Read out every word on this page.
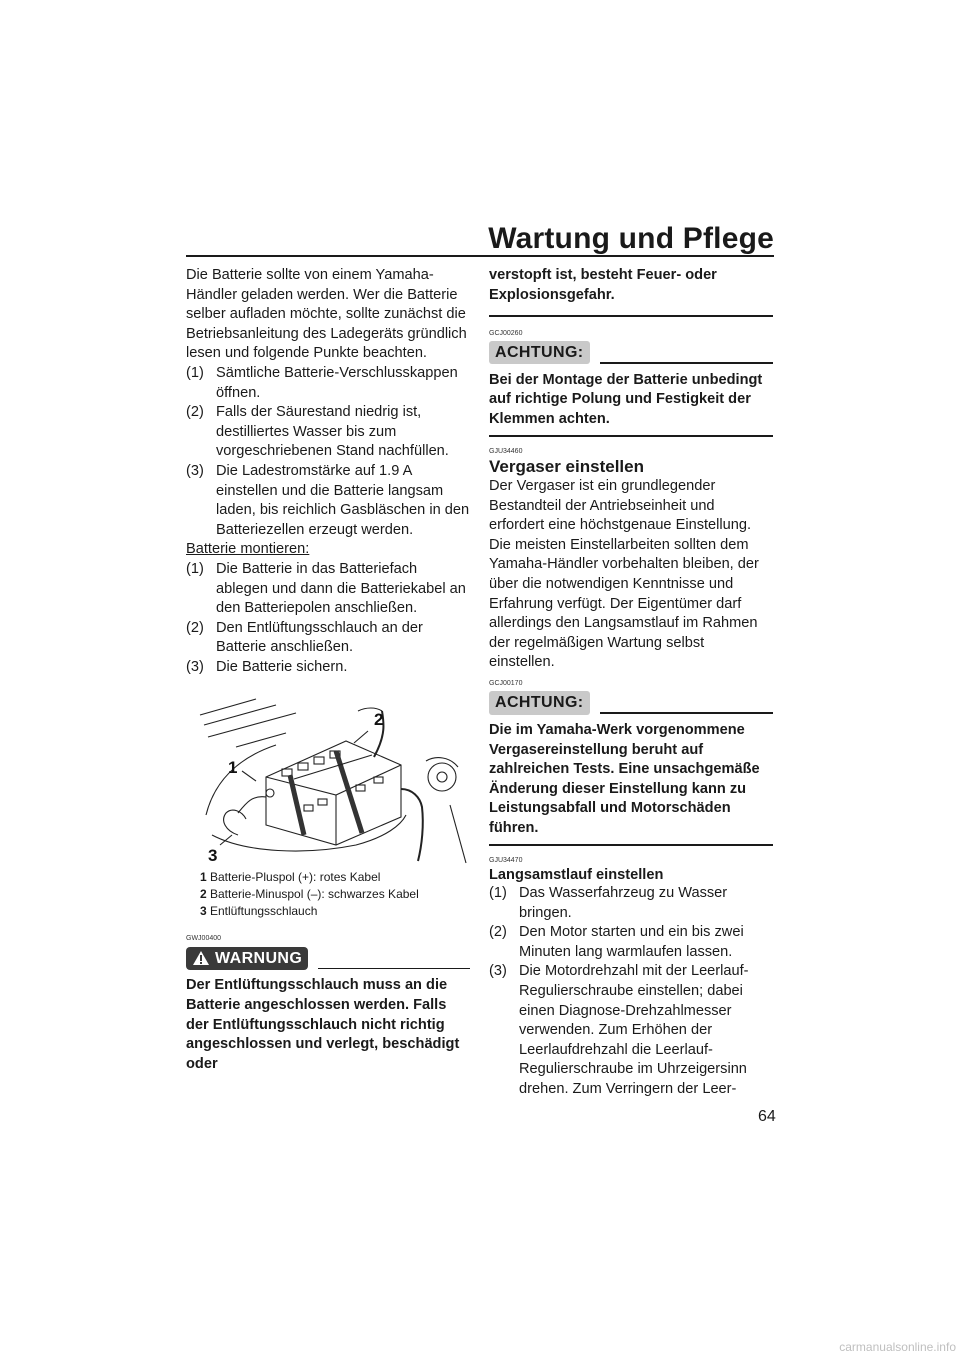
Wartung und Pflege

Die Batterie sollte von einem Yamaha-Händler geladen werden. Wer die Batterie selber aufladen möchte, sollte zunächst die Betriebsanleitung des Ladegeräts gründlich lesen und folgende Punkte beachten.

(1) Sämtliche Batterie-Verschlusskappen öffnen.
(2) Falls der Säurestand niedrig ist, destilliertes Wasser bis zum vorgeschriebenen Stand nachfüllen.
(3) Die Ladestromstärke auf 1.9 A einstellen und die Batterie langsam laden, bis reichlich Gasbläschen in den Batteriezellen erzeugt werden.

Batterie montieren:

(1) Die Batterie in das Batteriefach ablegen und dann die Batteriekabel an den Batteriepolen anschließen.
(2) Den Entlüftungsschlauch an der Batterie anschließen.
(3) Die Batterie sichern.
2
1
3
1 Batterie-Pluspol (+): rotes Kabel
2 Batterie-Minuspol (–): schwarzes Kabel
3 Entlüftungsschlauch
GWJ00400
WARNUNG

Der Entlüftungsschlauch muss an die Batterie angeschlossen werden. Falls der Entlüftungsschlauch nicht richtig angeschlossen und verlegt, beschädigt oder

verstopft ist, besteht Feuer- oder Explosionsgefahr.

GCJ00260
ACHTUNG:

Bei der Montage der Batterie unbedingt auf richtige Polung und Festigkeit der Klemmen achten.

GJU34460
Vergaser einstellen

Der Vergaser ist ein grundlegender Bestandteil der Antriebseinheit und erfordert eine höchstgenaue Einstellung. Die meisten Einstellarbeiten sollten dem Yamaha-Händler vorbehalten bleiben, der über die notwendigen Kenntnisse und Erfahrung verfügt. Der Eigentümer darf allerdings den Langsamstlauf im Rahmen der regelmäßigen Wartung selbst einstellen.

GCJ00170
ACHTUNG:

Die im Yamaha-Werk vorgenommene Vergasereinstellung beruht auf zahlreichen Tests. Eine unsachgemäße Änderung dieser Einstellung kann zu Leistungsabfall und Motorschäden führen.

GJU34470
Langsamstlauf einstellen
(1) Das Wasserfahrzeug zu Wasser bringen.
(2) Den Motor starten und ein bis zwei Minuten lang warmlaufen lassen.
(3) Die Motordrehzahl mit der Leerlauf-Regulierschraube einstellen; dabei einen Diagnose-Drehzahlmesser verwenden. Zum Erhöhen der Leerlaufdrehzahl die Leerlauf-Regulierschraube im Uhrzeigersinn drehen. Zum Verringern der Leer-
64
carmanualsonline.info
